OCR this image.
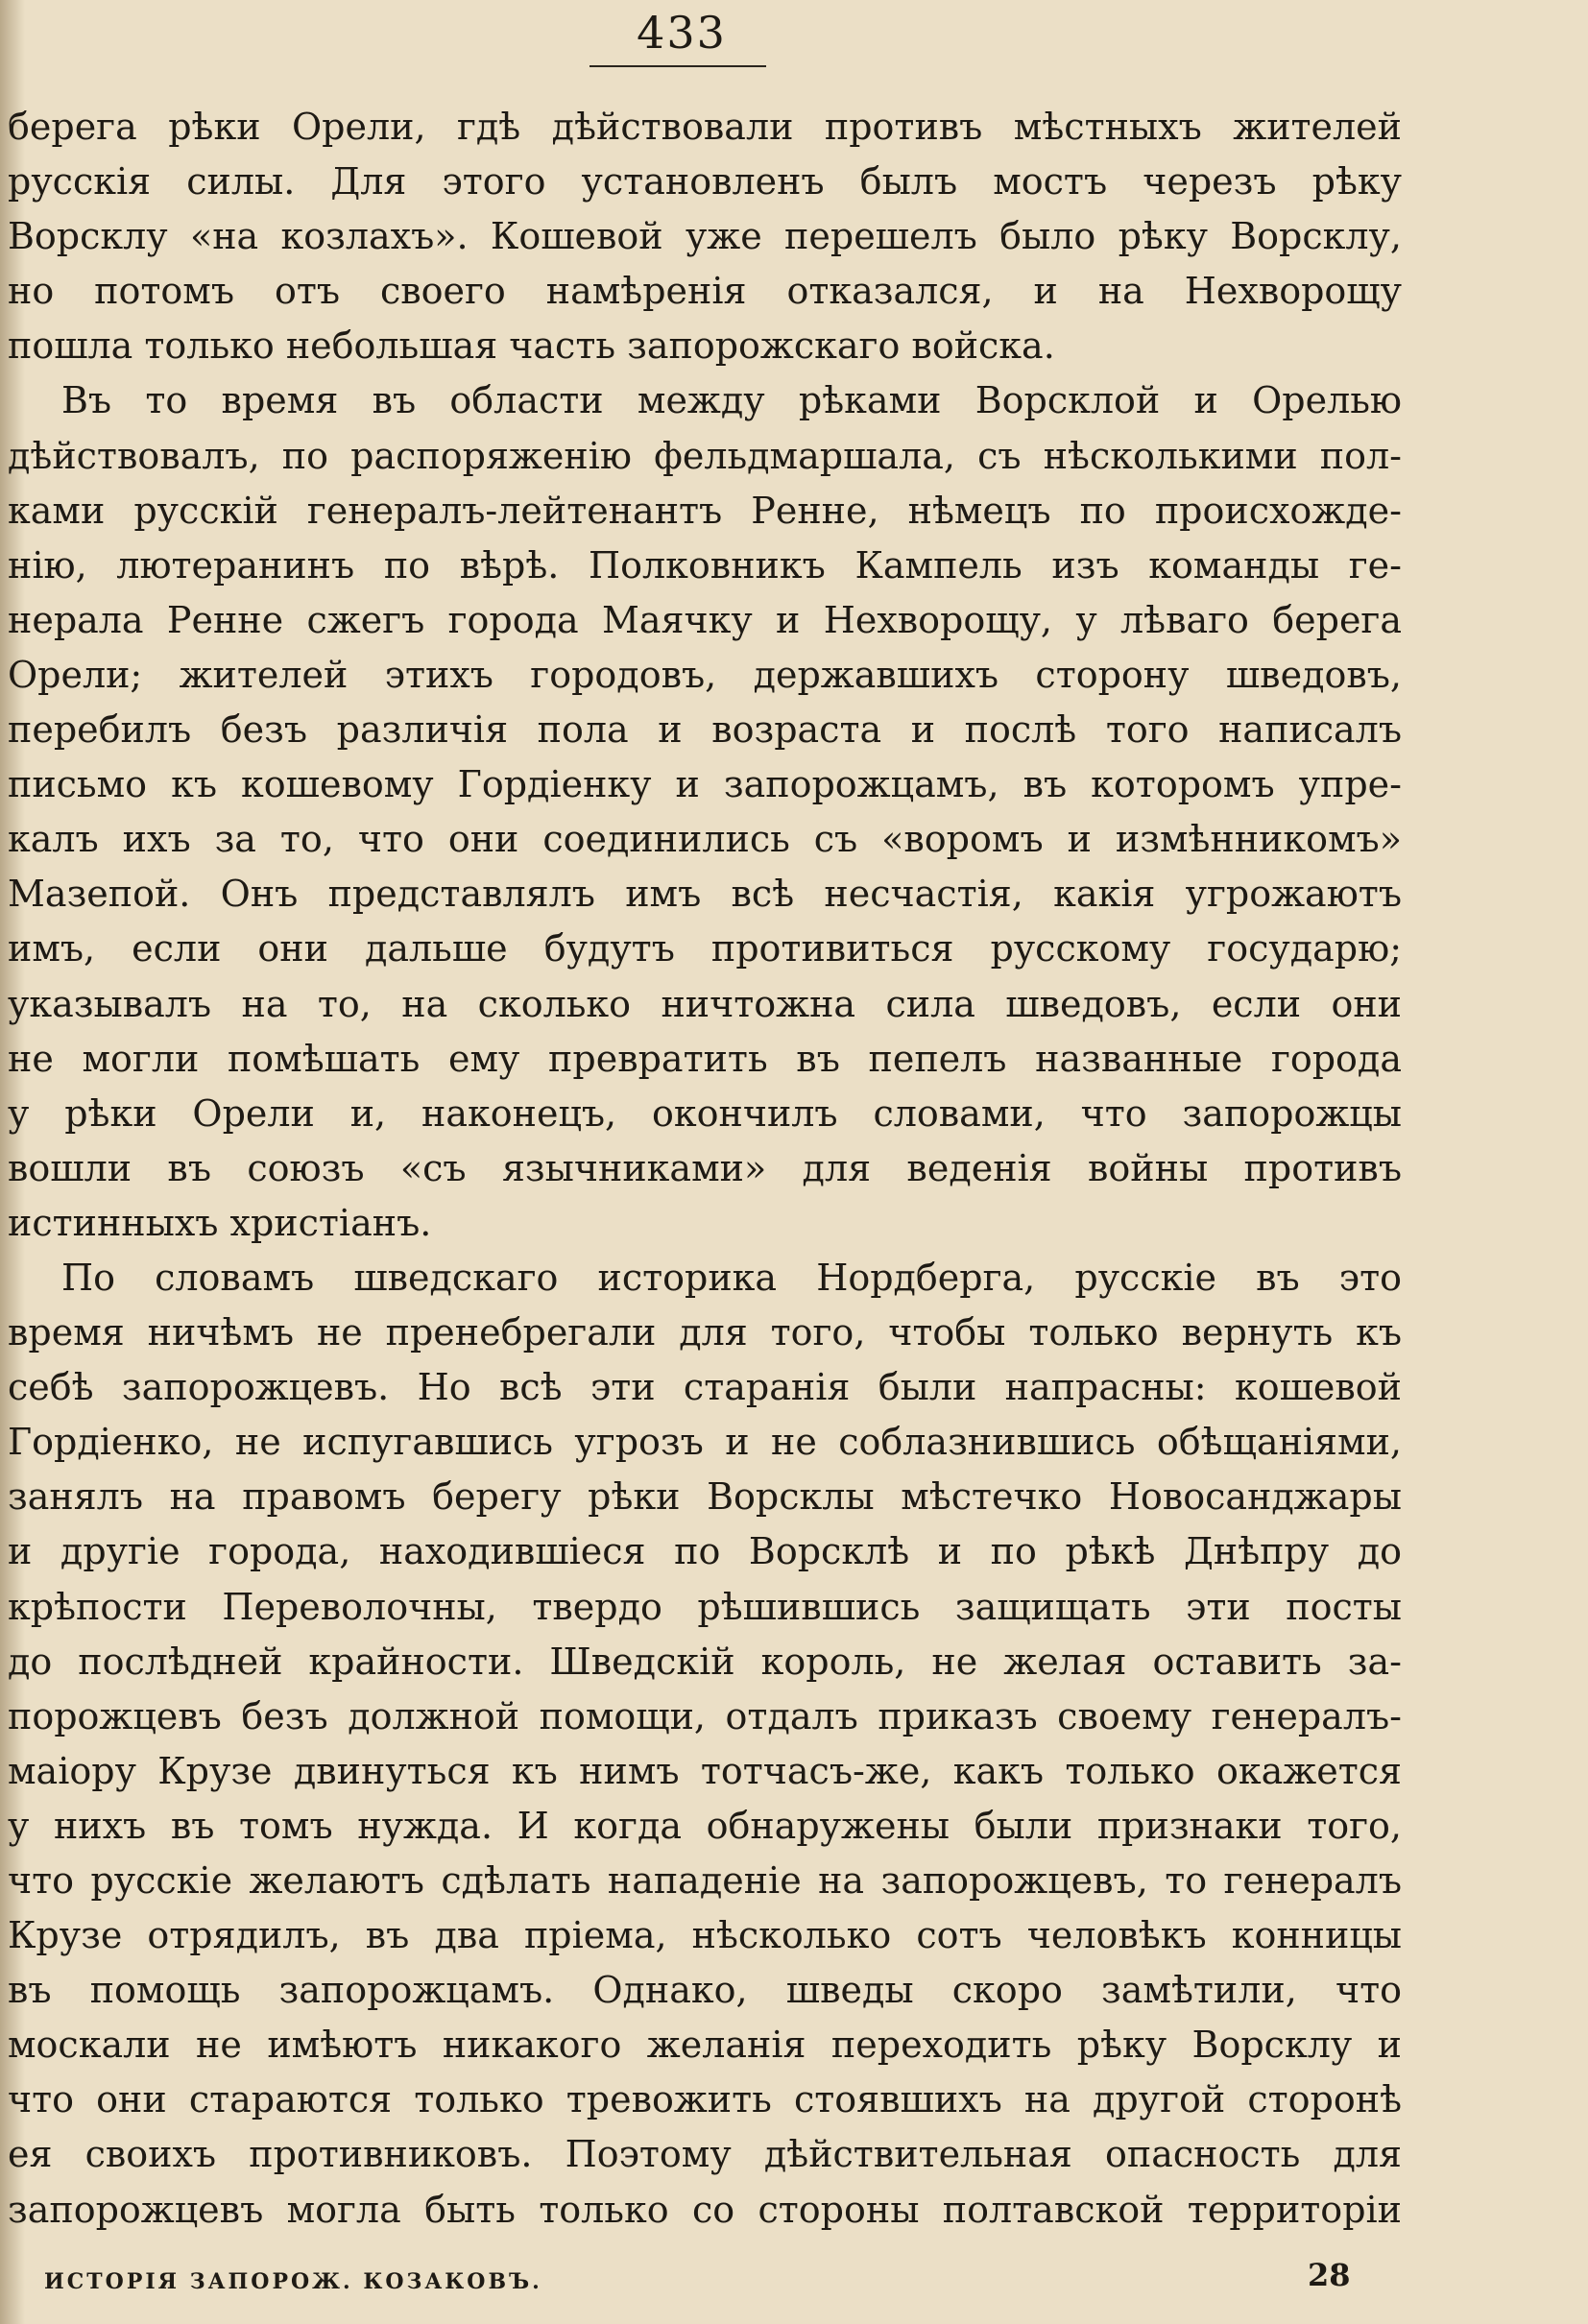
433
берега рѣки Орели, гдѣ дѣйствовали противъ мѣстныхъ жителей
русскія силы. Для этого установленъ былъ мостъ черезъ рѣку
Ворсклу «на козлахъ». Кошевой уже перешелъ было рѣку Ворсклу,
но потомъ отъ своего намѣренія отказался, и на Нехворощу
пошла только небольшая часть запорожскаго войска.
Въ то время въ области между рѣками Ворсклой и Орелью
дѣйствовалъ, по распоряженію фельдмаршала, съ нѣсколькими пол-
ками русскій генералъ-лейтенантъ Ренне, нѣмецъ по происхожде-
нію, лютеранинъ по вѣрѣ. Полковникъ Кампель изъ команды ге-
нерала Ренне сжегъ города Маячку и Нехворощу, у лѣваго берега
Орели; жителей этихъ городовъ, державшихъ сторону шведовъ,
перебилъ безъ различія пола и возраста и послѣ того написалъ
письмо къ кошевому Гордіенку и запорожцамъ, въ которомъ упре-
калъ ихъ за то, что они соединились съ «воромъ и измѣнникомъ»
Мазепой. Онъ представлялъ имъ всѣ несчастія, какія угрожаютъ
имъ, если они дальше будутъ противиться русскому государю;
указывалъ на то, на сколько ничтожна сила шведовъ, если они
не могли помѣшать ему превратить въ пепелъ названные города
у рѣки Орели и, наконецъ, окончилъ словами, что запорожцы
вошли въ союзъ «съ язычниками» для веденія войны противъ
истинныхъ христіанъ.
По словамъ шведскаго историка Нордберга, русскіе въ это
время ничѣмъ не пренебрегали для того, чтобы только вернуть къ
себѣ запорожцевъ. Но всѣ эти старанія были напрасны: кошевой
Гордіенко, не испугавшись угрозъ и не соблазнившись обѣщаніями,
занялъ на правомъ берегу рѣки Ворсклы мѣстечко Новосанджары
и другіе города, находившіеся по Ворсклѣ и по рѣкѣ Днѣпру до
крѣпости Переволочны, твердо рѣшившись защищать эти посты
до послѣдней крайности. Шведскій король, не желая оставить за-
порожцевъ безъ должной помощи, отдалъ приказъ своему генералъ-
маіору Крузе двинуться къ нимъ тотчасъ-же, какъ только окажется
у нихъ въ томъ нужда. И когда обнаружены были признаки того,
что русскіе желаютъ сдѣлать нападеніе на запорожцевъ, то генералъ
Крузе отрядилъ, въ два пріема, нѣсколько сотъ человѣкъ конницы
въ помощь запорожцамъ. Однако, шведы скоро замѣтили, что
москали не имѣютъ никакого желанія переходить рѣку Ворсклу и
что они стараются только тревожить стоявшихъ на другой сторонѣ
ея своихъ противниковъ. Поэтому дѣйствительная опасность для
запорожцевъ могла быть только со стороны полтавской территоріи
ИСТОРІЯ ЗАПОРОЖ. КОЗАКОВЪ.	28
